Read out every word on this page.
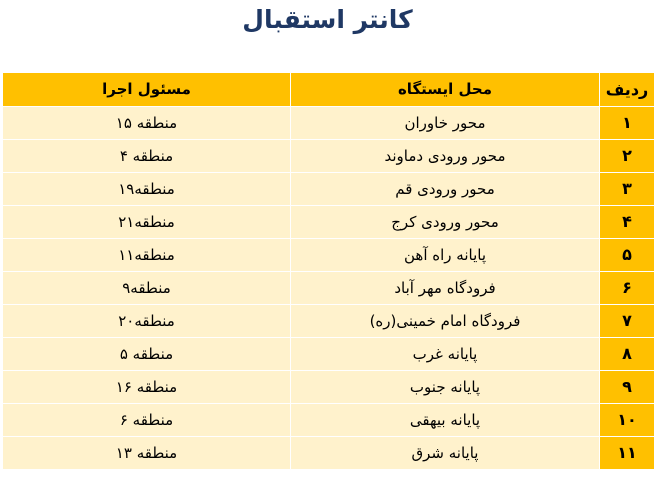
کانتر استقبال
ردیف	محل ایستگاه	مسئول اجرا
۱	محور خاوران	منطقه ۱۵
۲	محور ورودی دماوند	منطقه ۴
۳	محور ورودی قم	منطقه۱۹
۴	محور ورودی کرج	منطقه۲۱
۵	پایانه راه آهن	منطقه۱۱
۶	فرودگاه مهر آباد	منطقه۹
۷	فرودگاه امام خمینی(ره)	منطقه۲۰
۸	پایانه غرب	منطقه ۵
۹	پایانه جنوب	منطقه ۱۶
۱۰	پایانه بیهقی	منطقه ۶
۱۱	پایانه شرق	منطقه ۱۳
